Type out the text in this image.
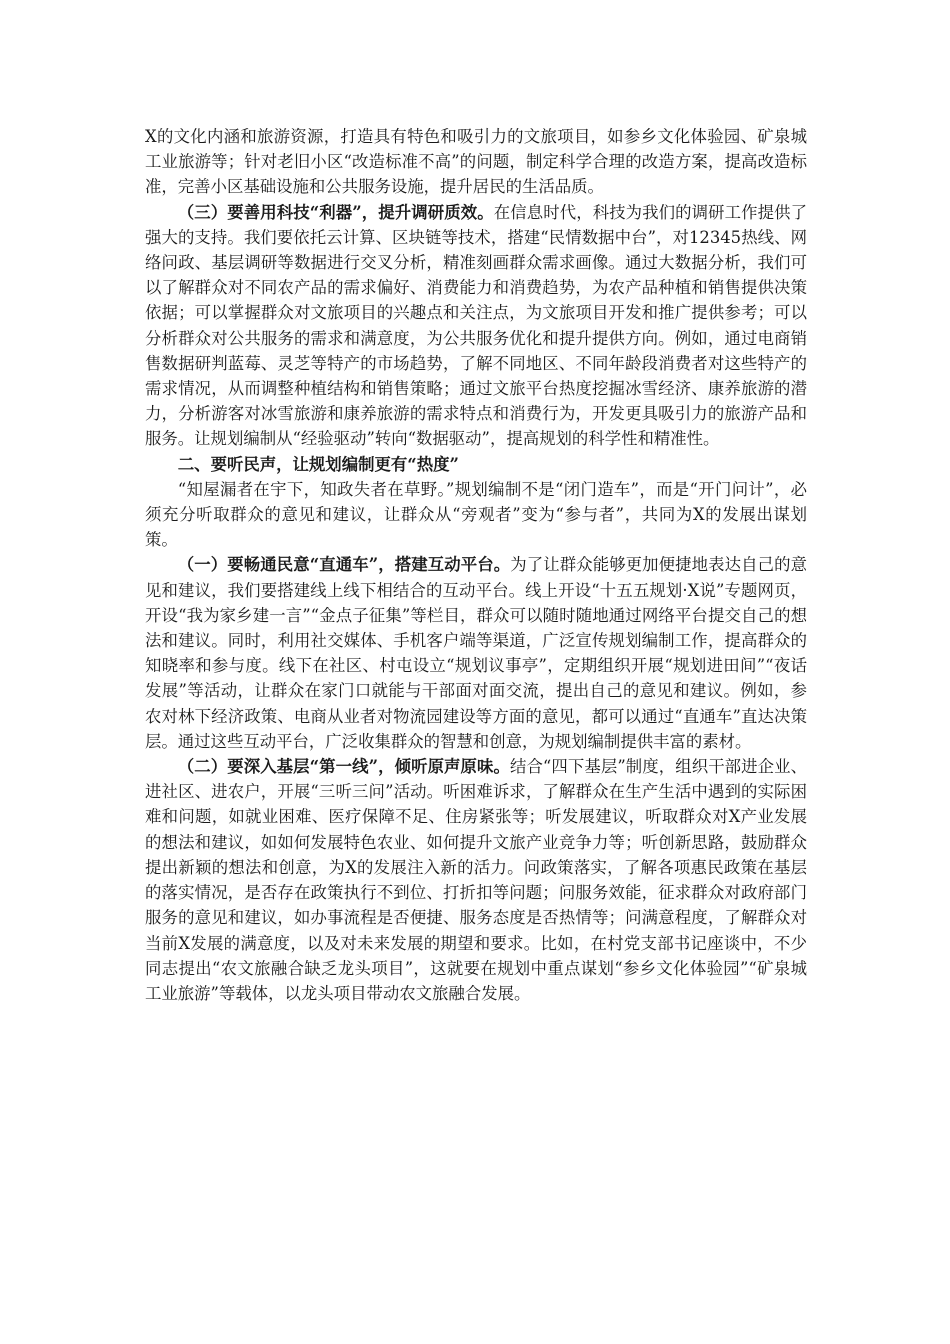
X的文化内涵和旅游资源，打造具有特色和吸引力的文旅项目，如参乡文化体验园、矿泉城工业旅游等；针对老旧小区“改造标准不高”的问题，制定科学合理的改造方案，提高改造标准，完善小区基础设施和公共服务设施，提升居民的生活品质。

（三）要善用科技“利器”，提升调研质效。在信息时代，科技为我们的调研工作提供了强大的支持。我们要依托云计算、区块链等技术，搭建“民情数据中台”，对12345热线、网络问政、基层调研等数据进行交叉分析，精准刻画群众需求画像。通过大数据分析，我们可以了解群众对不同农产品的需求偏好、消费能力和消费趋势，为农产品种植和销售提供决策依据；可以掌握群众对文旅项目的兴趣点和关注点，为文旅项目开发和推广提供参考；可以分析群众对公共服务的需求和满意度，为公共服务优化和提升提供方向。例如，通过电商销售数据研判蓝莓、灵芝等特产的市场趋势，了解不同地区、不同年龄段消费者对这些特产的需求情况，从而调整种植结构和销售策略；通过文旅平台热度挖掘冰雪经济、康养旅游的潜力，分析游客对冰雪旅游和康养旅游的需求特点和消费行为，开发更具吸引力的旅游产品和服务。让规划编制从“经验驱动”转向“数据驱动”，提高规划的科学性和精准性。

二、要听民声，让规划编制更有“热度”

“知屋漏者在宇下，知政失者在草野。”规划编制不是“闭门造车”，而是“开门问计”，必须充分听取群众的意见和建议，让群众从“旁观者”变为“参与者”，共同为X的发展出谋划策。

（一）要畅通民意“直通车”，搭建互动平台。为了让群众能够更加便捷地表达自己的意见和建议，我们要搭建线上线下相结合的互动平台。线上开设“十五五规划·X说”专题网页，开设“我为家乡建一言”“金点子征集”等栏目，群众可以随时随地通过网络平台提交自己的想法和建议。同时，利用社交媒体、手机客户端等渠道，广泛宣传规划编制工作，提高群众的知晓率和参与度。线下在社区、村屯设立“规划议事亭”，定期组织开展“规划进田间”“夜话发展”等活动，让群众在家门口就能与干部面对面交流，提出自己的意见和建议。例如，参农对林下经济政策、电商从业者对物流园建设等方面的意见，都可以通过“直通车”直达决策层。通过这些互动平台，广泛收集群众的智慧和创意，为规划编制提供丰富的素材。

（二）要深入基层“第一线”，倾听原声原味。结合“四下基层”制度，组织干部进企业、进社区、进农户，开展“三听三问”活动。听困难诉求，了解群众在生产生活中遇到的实际困难和问题，如就业困难、医疗保障不足、住房紧张等；听发展建议，听取群众对X产业发展的想法和建议，如如何发展特色农业、如何提升文旅产业竞争力等；听创新思路，鼓励群众提出新颖的想法和创意，为X的发展注入新的活力。问政策落实，了解各项惠民政策在基层的落实情况，是否存在政策执行不到位、打折扣等问题；问服务效能，征求群众对政府部门服务的意见和建议，如办事流程是否便捷、服务态度是否热情等；问满意程度，了解群众对当前X发展的满意度，以及对未来发展的期望和要求。比如，在村党支部书记座谈中，不少同志提出“农文旅融合缺乏龙头项目”，这就要在规划中重点谋划“参乡文化体验园”“矿泉城工业旅游”等载体，以龙头项目带动农文旅融合发展。
